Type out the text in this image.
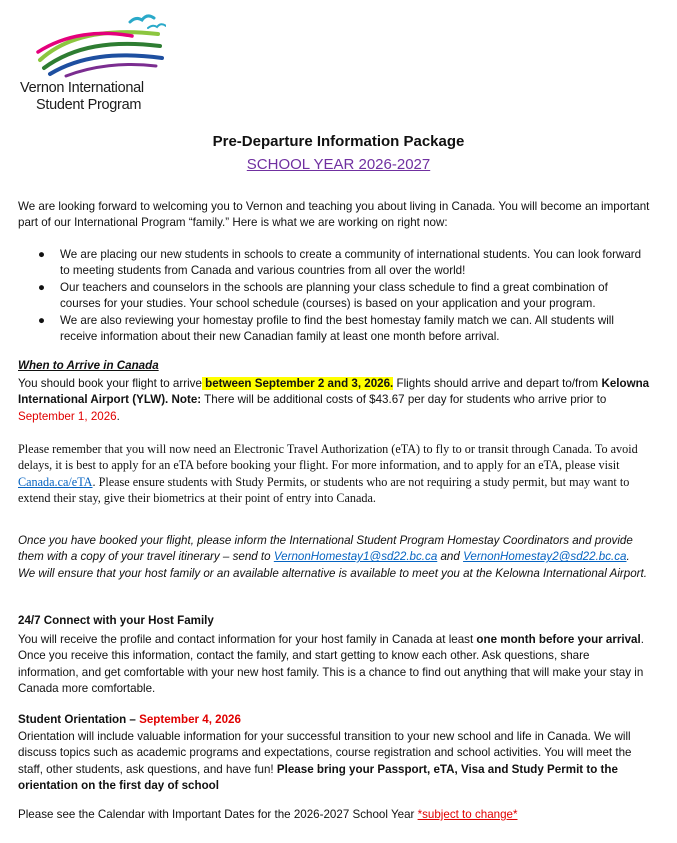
Vernon International
Student Program
Pre-Departure Information Package
SCHOOL YEAR 2026-2027
We are looking forward to welcoming you to Vernon and teaching you about living in Canada. You will become an important part of our International Program “family.” Here is what we are working on right now:
● We are placing our new students in schools to create a community of international students. You can look forward to meeting students from Canada and various countries from all over the world!
● Our teachers and counselors in the schools are planning your class schedule to find a great combination of courses for your studies. Your school schedule (courses) is based on your application and your program.
● We are also reviewing your homestay profile to find the best homestay family match we can. All students will receive information about their new Canadian family at least one month before arrival.
When to Arrive in Canada
You should book your flight to arrive between September 2 and 3, 2026. Flights should arrive and depart to/from Kelowna International Airport (YLW). Note: There will be additional costs of $43.67 per day for students who arrive prior to September 1, 2026.
Please remember that you will now need an Electronic Travel Authorization (eTA) to fly to or transit through Canada. To avoid delays, it is best to apply for an eTA before booking your flight. For more information, and to apply for an eTA, please visit Canada.ca/eTA. Please ensure students with Study Permits, or students who are not requiring a study permit, but may want to extend their stay, give their biometrics at their point of entry into Canada.
Once you have booked your flight, please inform the International Student Program Homestay Coordinators and provide them with a copy of your travel itinerary – send to VernonHomestay1@sd22.bc.ca and VernonHomestay2@sd22.bc.ca. We will ensure that your host family or an available alternative is available to meet you at the Kelowna International Airport.
24/7 Connect with your Host Family
You will receive the profile and contact information for your host family in Canada at least one month before your arrival. Once you receive this information, contact the family, and start getting to know each other. Ask questions, share information, and get comfortable with your new host family. This is a chance to find out anything that will make your stay in Canada more comfortable.
Student Orientation – September 4, 2026
Orientation will include valuable information for your successful transition to your new school and life in Canada. We will discuss topics such as academic programs and expectations, course registration and school activities. You will meet the staff, other students, ask questions, and have fun! Please bring your Passport, eTA, Visa and Study Permit to the orientation on the first day of school
Please see the Calendar with Important Dates for the 2026-2027 School Year *subject to change*
